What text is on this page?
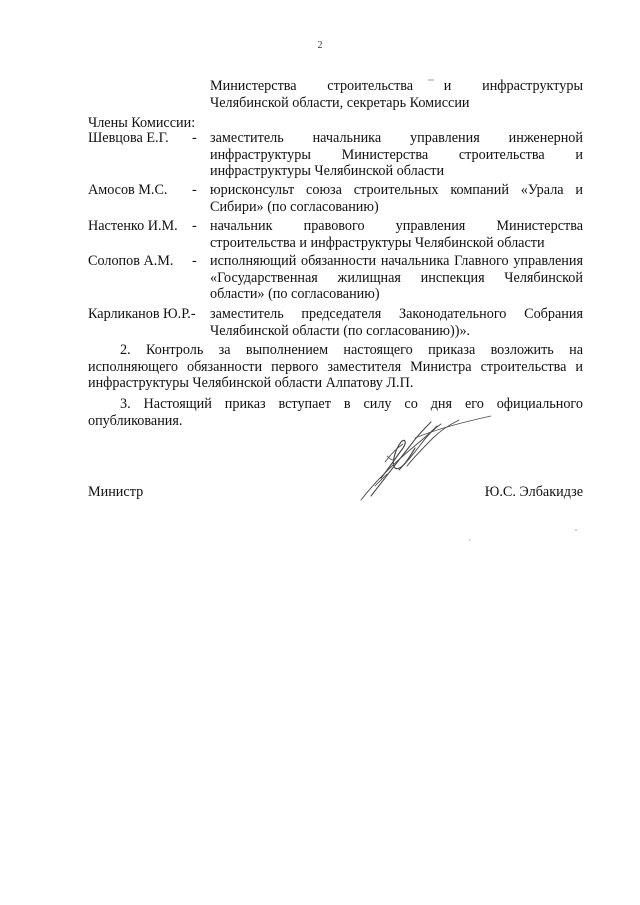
2
Министерства строительства и инфраструктуры Челябинской области, секретарь Комиссии
Члены Комиссии:
Шевцова Е.Г. - заместитель начальника управления инженерной инфраструктуры Министерства строительства и инфраструктуры Челябинской области
Амосов М.С. - юрисконсульт союза строительных компаний «Урала и Сибири» (по согласованию)
Настенко И.М. - начальник правового управления Министерства строительства и инфраструктуры Челябинской области
Солопов А.М. - исполняющий обязанности начальника Главного управления «Государственная жилищная инспекция Челябинской области» (по согласованию)
Карликанов Ю.Р.- заместитель председателя Законодательного Собрания Челябинской области (по согласованию))».
2. Контроль за выполнением настоящего приказа возложить на исполняющего обязанности первого заместителя Министра строительства и инфраструктуры Челябинской области Алпатову Л.П.
3. Настоящий приказ вступает в силу со дня его официального опубликования.
Министр	Ю.С. Элбакидзе
